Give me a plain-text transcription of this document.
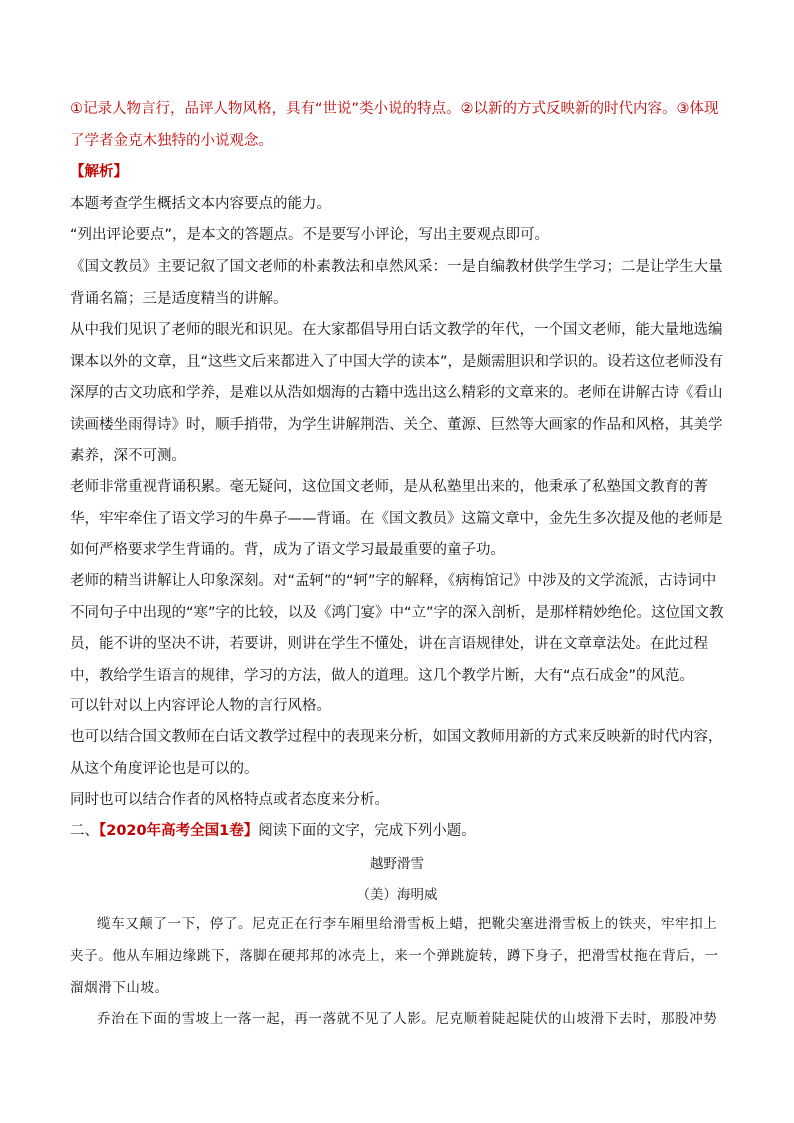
①记录人物言行，品评人物风格，具有“世说”类小说的特点。②以新的方式反映新的时代内容。③体现了学者金克木独特的小说观念。

【解析】

本题考查学生概括文本内容要点的能力。

“列出评论要点”，是本文的答题点。不是要写小评论，写出主要观点即可。

《国文教员》主要记叙了国文老师的朴素教法和卓然风采：一是自编教材供学生学习；二是让学生大量背诵名篇；三是适度精当的讲解。

从中我们见识了老师的眼光和识见。在大家都倡导用白话文教学的年代，一个国文老师，能大量地选编课本以外的文章，且“这些文后来都进入了中国大学的读本”，是颇需胆识和学识的。设若这位老师没有深厚的古文功底和学养，是难以从浩如烟海的古籍中选出这么精彩的文章来的。老师在讲解古诗《看山读画楼坐雨得诗》时，顺手捎带，为学生讲解荆浩、关仝、董源、巨然等大画家的作品和风格，其美学素养，深不可测。

老师非常重视背诵积累。毫无疑问，这位国文老师，是从私塾里出来的，他秉承了私塾国文教育的菁华，牢牢牵住了语文学习的牛鼻子——背诵。在《国文教员》这篇文章中，金先生多次提及他的老师是如何严格要求学生背诵的。背，成为了语文学习最最重要的童子功。

老师的精当讲解让人印象深刻。对“孟轲”的“轲”字的解释，《病梅馆记》中涉及的文学流派，古诗词中不同句子中出现的“寒”字的比较，以及《鸿门宴》中“立”字的深入剖析，是那样精妙绝伦。这位国文教员，能不讲的坚决不讲，若要讲，则讲在学生不懂处，讲在言语规律处，讲在文章章法处。在此过程中，教给学生语言的规律，学习的方法，做人的道理。这几个教学片断，大有“点石成金”的风范。

可以针对以上内容评论人物的言行风格。

也可以结合国文教师在白话文教学过程中的表现来分析，如国文教师用新的方式来反映新的时代内容，从这个角度评论也是可以的。

同时也可以结合作者的风格特点或者态度来分析。

二、【2020年高考全国1卷】阅读下面的文字，完成下列小题。

越野滑雪

（美）海明威

缆车又颠了一下，停了。尼克正在行李车厢里给滑雪板上蜡，把靴尖塞进滑雪板上的铁夹，牢牢扣上夹子。他从车厢边缘跳下，落脚在硬邦邦的冰壳上，来一个弹跳旋转，蹲下身子，把滑雪杖拖在背后，一溜烟滑下山坡。

乔治在下面的雪坡上一落一起，再一落就不见了人影。尼克顺着陡起陡伏的山坡滑下去时，那股冲势
